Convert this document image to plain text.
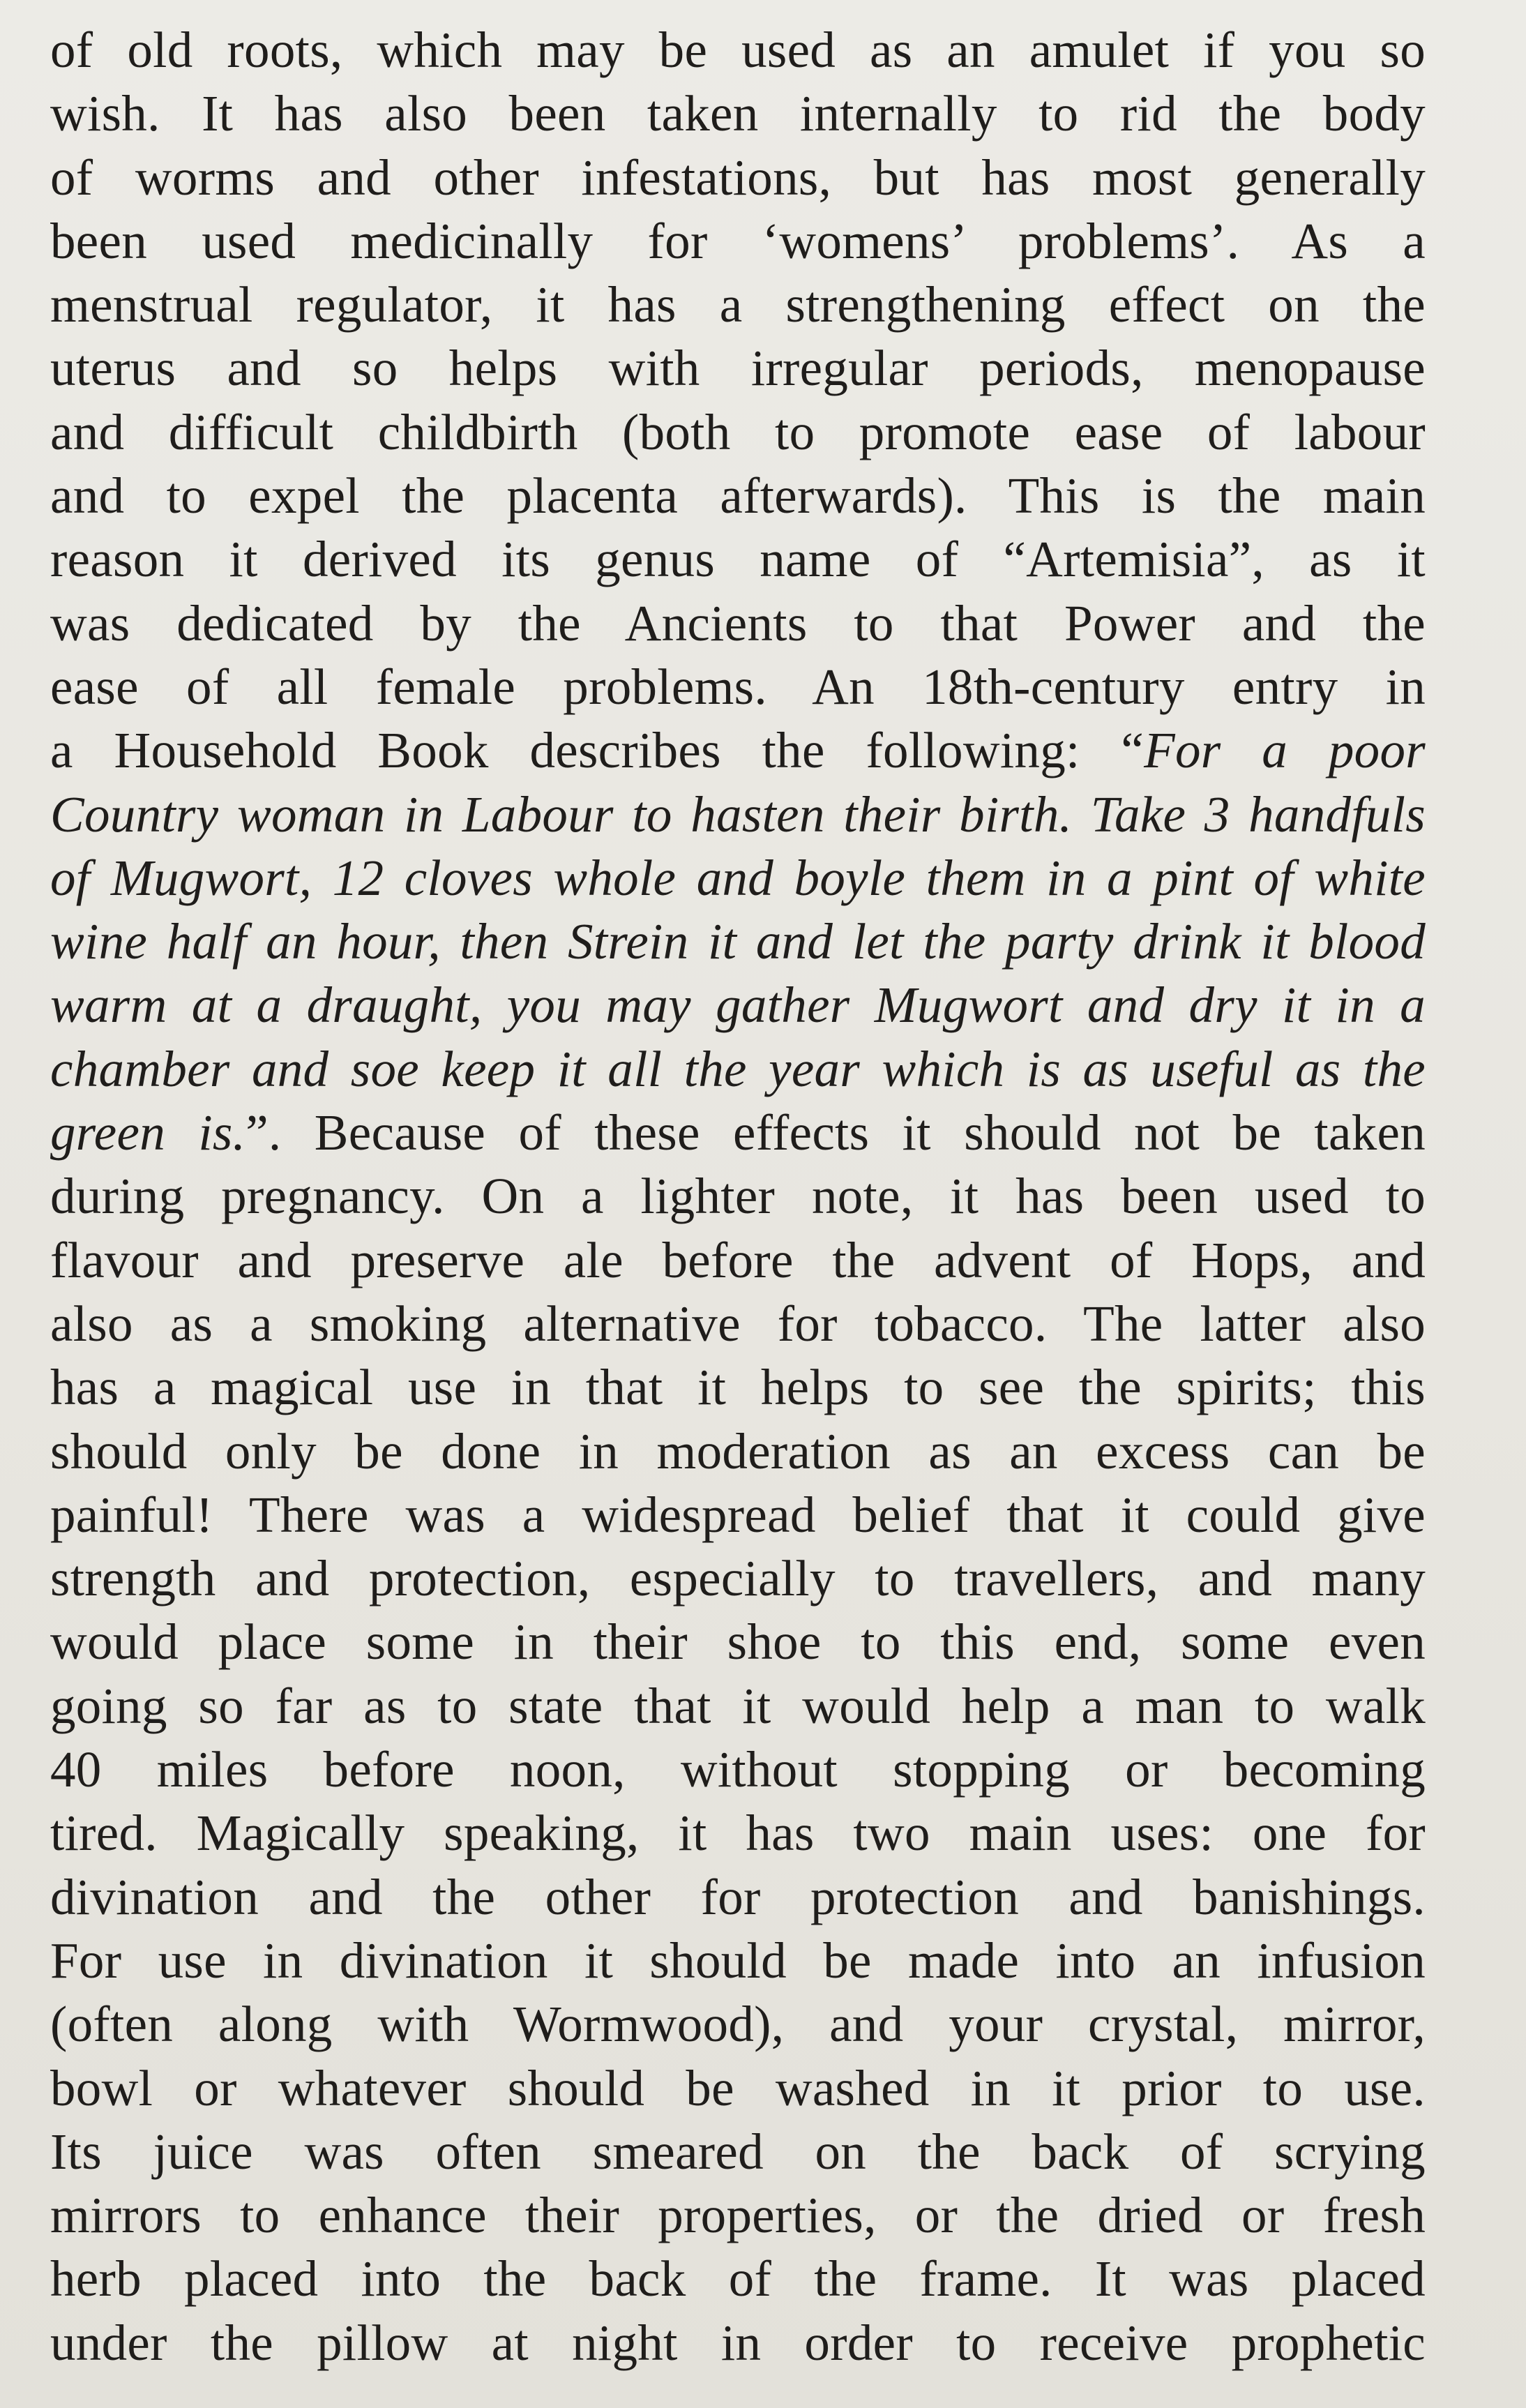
of old roots, which may be used as an amulet if you so
wish. It has also been taken internally to rid the body
of worms and other infestations, but has most generally
been used medicinally for ‘womens’ problems’. As a
menstrual regulator, it has a strengthening effect on the
uterus and so helps with irregular periods, menopause
and difficult childbirth (both to promote ease of labour
and to expel the placenta afterwards). This is the main
reason it derived its genus name of “Artemisia”, as it
was dedicated by the Ancients to that Power and the
ease of all female problems. An 18th-century entry in
a Household Book describes the following: “For a poor
Country woman in Labour to hasten their birth. Take 3 handfuls
of Mugwort, 12 cloves whole and boyle them in a pint of white
wine half an hour, then Strein it and let the party drink it blood
warm at a draught, you may gather Mugwort and dry it in a
chamber and soe keep it all the year which is as useful as the
green is.”. Because of these effects it should not be taken
during pregnancy. On a lighter note, it has been used to
flavour and preserve ale before the advent of Hops, and
also as a smoking alternative for tobacco. The latter also
has a magical use in that it helps to see the spirits; this
should only be done in moderation as an excess can be
painful! There was a widespread belief that it could give
strength and protection, especially to travellers, and many
would place some in their shoe to this end, some even
going so far as to state that it would help a man to walk
40 miles before noon, without stopping or becoming
tired. Magically speaking, it has two main uses: one for
divination and the other for protection and banishings.
For use in divination it should be made into an infusion
(often along with Wormwood), and your crystal, mirror,
bowl or whatever should be washed in it prior to use.
Its juice was often smeared on the back of scrying
mirrors to enhance their properties, or the dried or fresh
herb placed into the back of the frame. It was placed
under the pillow at night in order to receive prophetic
